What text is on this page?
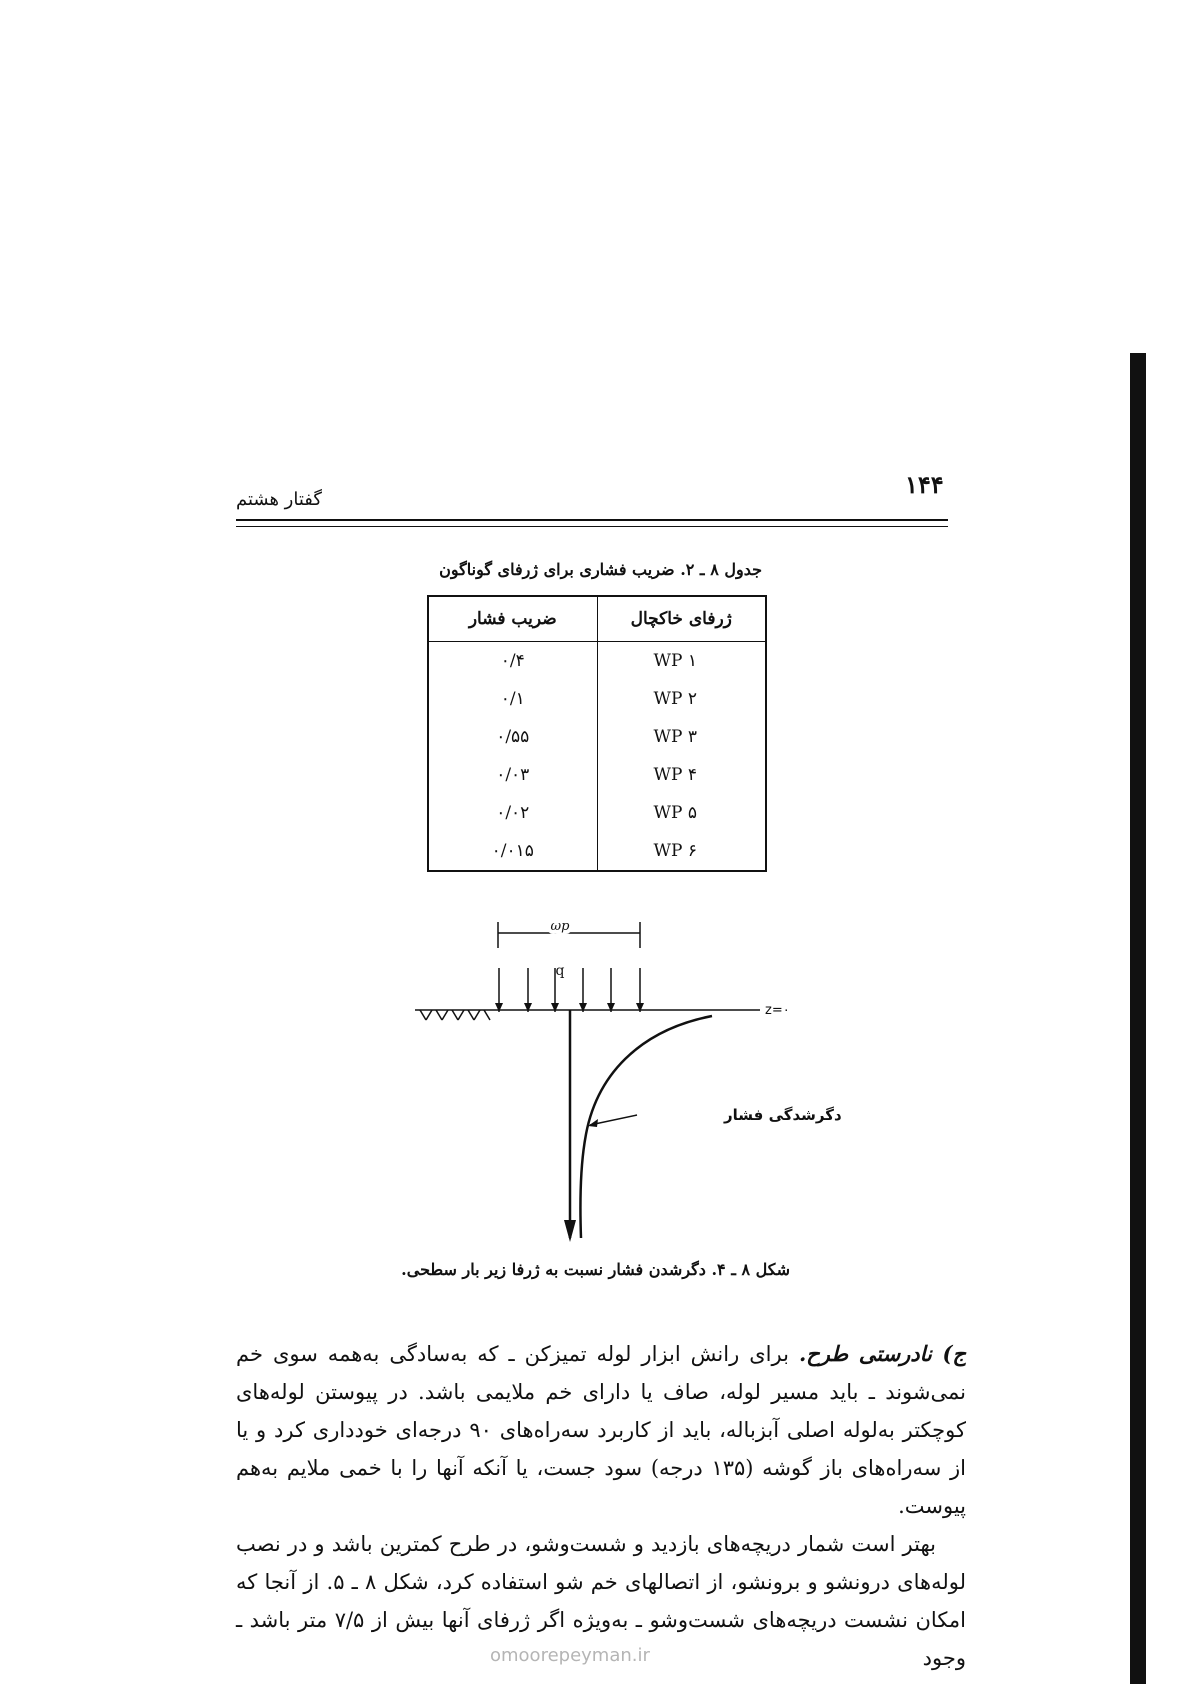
۱۴۴
گفتار هشتم
جدول ۸ ـ ۲. ضریب فشاری برای ژرفای گوناگون
ژرفای خاکچال	ضریب فشار
۱ WP	۰/۴
۲ WP	۰/۱
۳ WP	۰/۵۵
۴ WP	۰/۰۳
۵ WP	۰/۰۲
۶ WP	۰/۰۱۵
ωp
q
z=۰
دگرشدگی فشار
شکل ۸ ـ ۴. دگرشدن فشار نسبت به ژرفا زیر بار سطحی.

ج) نادرستی طرح. برای رانش ابزار لوله تمیزکن ـ که به‌سادگی به‌همه سوی خم نمی‌شوند ـ باید مسیر لوله، صاف یا دارای خم ملایمی باشد. در پیوستن لوله‌های کوچکتر به‌لوله اصلی آبزباله، باید از کاربرد سه‌راه‌های ۹۰ درجه‌ای خودداری کرد و یا از سه‌راه‌های باز گوشه (۱۳۵ درجه) سود جست، یا آنکه آنها را با خمی ملایم به‌هم پیوست.

بهتر است شمار دریچه‌های بازدید و شست‌وشو، در طرح کمترین باشد و در نصب لوله‌های درونشو و برونشو، از اتصالهای خم شو استفاده کرد، شکل ۸ ـ ۵. از آنجا که امکان نشست دریچه‌های شست‌وشو ـ به‌ویژه اگر ژرفای آنها بیش از ۷/۵ متر باشد ـ وجود

omoorepeyman.ir
